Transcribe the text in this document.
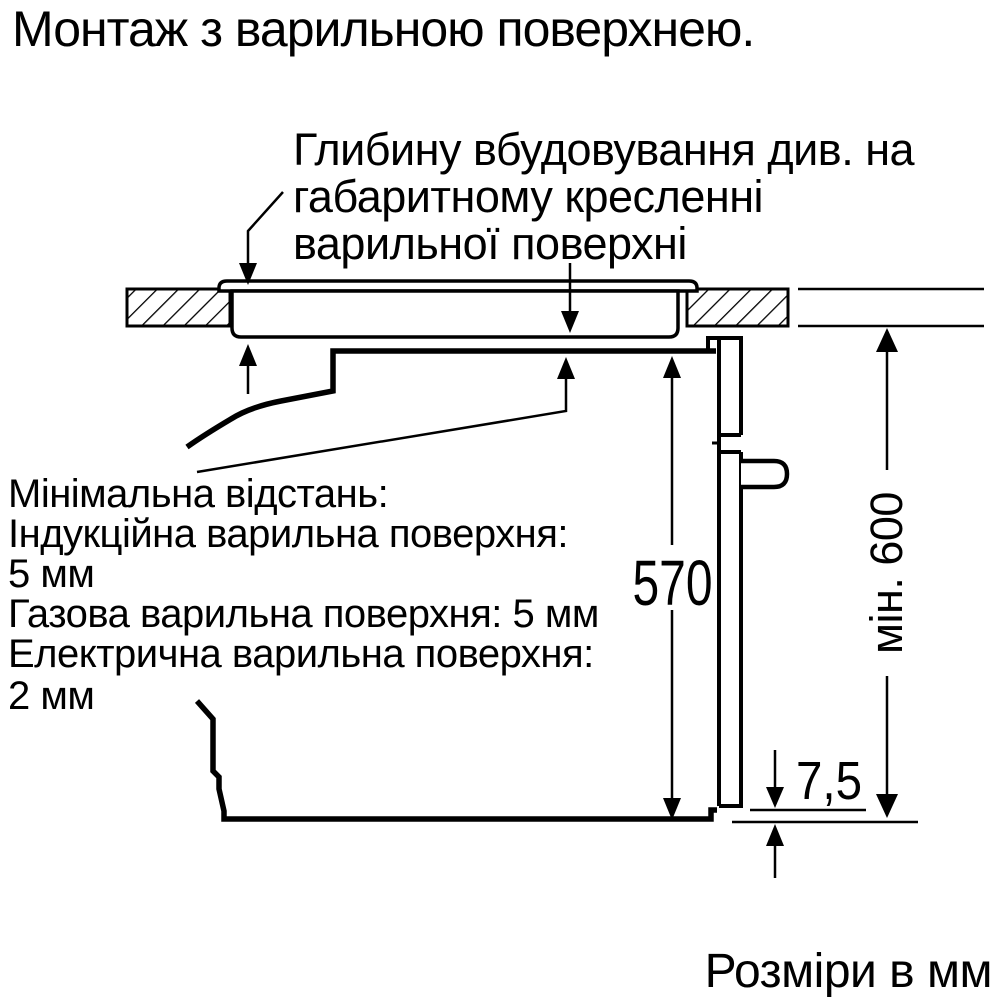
Монтаж з варильною поверхнею.
Глибину вбудовування див. на
габаритному кресленні
варильної поверхні
Мінімальна відстань:
Індукційна варильна поверхня:
5 мм
Газова варильна поверхня: 5 мм
Електрична варильна поверхня:
2 мм
570	мін. 600
7,5
Розміри в мм
